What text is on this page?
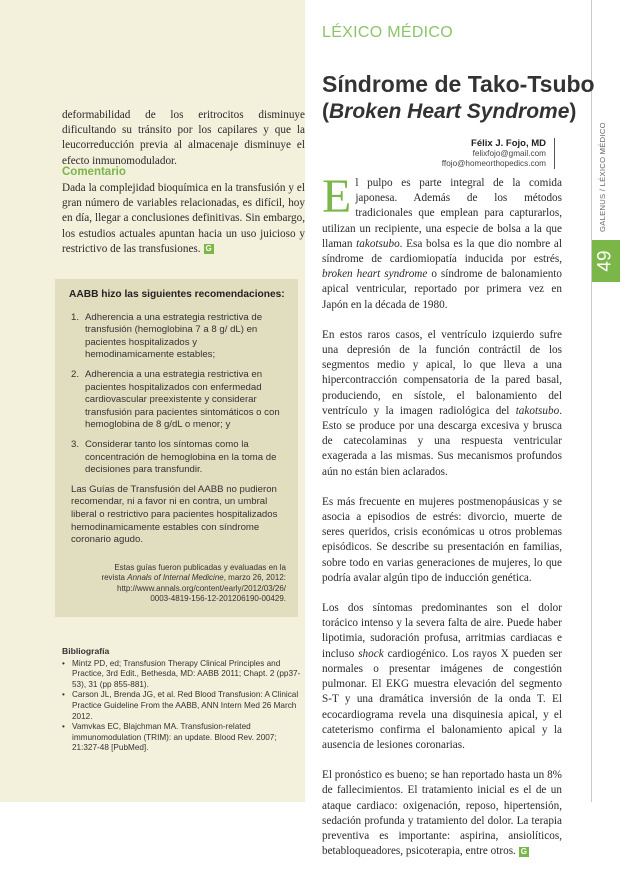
deformabilidad de los eritrocitos disminuye dificultando su tránsito por los capilares y que la leucorreducción previa al almacenaje disminuye el efecto inmunomodulador.

Comentario

Dada la complejidad bioquímica en la transfusión y el gran número de variables relacionadas, es difícil, hoy en día, llegar a conclusiones definitivas. Sin embargo, los estudios actuales apuntan hacia un uso juicioso y restrictivo de las transfusiones. G

AABB hizo las siguientes recomendaciones:
1. Adherencia a una estrategia restrictiva de transfusión (hemoglobina 7 a 8 g/ dL) en pacientes hospitalizados y hemodinamicamente estables;
2. Adherencia a una estrategia restrictiva en pacientes hospitalizados con enfermedad cardiovascular preexistente y considerar transfusión para pacientes sintomáticos o con hemoglobina de 8 g/dL o menor; y
3. Considerar tanto los síntomas como la concentración de hemoglobina en la toma de decisiones para transfundir.
Las Guías de Transfusión del AABB no pudieron recomendar, ni a favor ni en contra, un umbral liberal o restrictivo para pacientes hospitalizados hemodinamicamente estables con síndrome coronario agudo.
Estas guías fueron publicadas y evaluadas en la
revista Annals of Internal Medicine, marzo 26, 2012:
http://www.annals.org/content/early/2012/03/26/
0003-4819-156-12-201206190-00429.
Bibliografía
• Mintz PD, ed; Transfusion Therapy Clinical Principles and Practice, 3rd Edit., Bethesda, MD: AABB 2011; Chapt. 2 (pp37-53), 31 (pp 855-881).
• Carson JL, Brenda JG, et al. Red Blood Transfusion: A Clinical Practice Guideline From the AABB, ANN Intern Med 26 March 2012.
• Vamvkas EC, Blajchman MA. Transfusion-related immunomodulation (TRIM): an update. Blood Rev. 2007; 21:327-48 [PubMed].
LÉXICO MÉDICO
Síndrome de Tako-Tsubo
(Broken Heart Syndrome)
Félix J. Fojo, MD
felixfojo@gmail.com
ffojo@homeorthopedics.com	GALENUS / LÉXICO MÉDICO
49

El pulpo es parte integral de la comida japonesa. Además de los métodos tradicionales que emplean para capturarlos, utilizan un recipiente, una especie de bolsa a la que llaman takotsubo. Esa bolsa es la que dio nombre al síndrome de cardiomiopatía inducida por estrés, broken heart syndrome o síndrome de balonamiento apical ventricular, reportado por primera vez en Japón en la década de 1980.

En estos raros casos, el ventrículo izquierdo sufre una depresión de la función contráctil de los segmentos medio y apical, lo que lleva a una hipercontracción compensatoria de la pared basal, produciendo, en sístole, el balonamiento del ventrículo y la imagen radiológica del takotsubo. Esto se produce por una descarga excesiva y brusca de catecolaminas y una respuesta ventricular exagerada a las mismas. Sus mecanismos profundos aún no están bien aclarados.

Es más frecuente en mujeres postmenopáusicas y se asocia a episodios de estrés: divorcio, muerte de seres queridos, crisis económicas u otros problemas episódicos. Se describe su presentación en familias, sobre todo en varias generaciones de mujeres, lo que podría avalar algún tipo de inducción genética.

Los dos síntomas predominantes son el dolor torácico intenso y la severa falta de aire. Puede haber lipotimia, sudoración profusa, arritmias cardiacas e incluso shock cardiogénico. Los rayos X pueden ser normales o presentar imágenes de congestión pulmonar. El EKG muestra elevación del segmento S-T y una dramática inversión de la onda T. El ecocardiograma revela una disquinesia apical, y el cateterismo confirma el balonamiento apical y la ausencia de lesiones coronarias.

El pronóstico es bueno; se han reportado hasta un 8% de fallecimientos. El tratamiento inicial es el de un ataque cardiaco: oxigenación, reposo, hipertensión, sedación profunda y tratamiento del dolor. La terapia preventiva es importante: aspirina, ansiolíticos, betabloqueadores, psicoterapia, entre otros. G
